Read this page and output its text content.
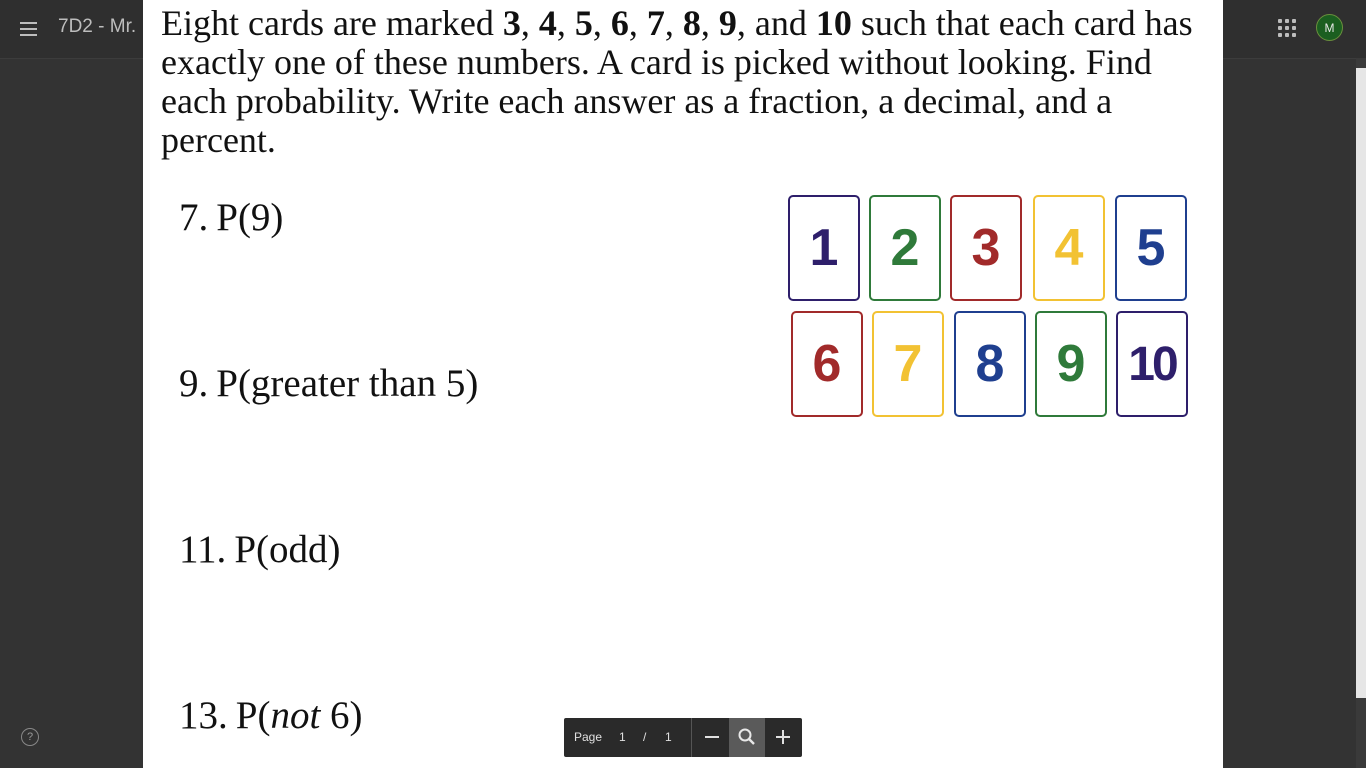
7D2 - Mr.	M
?

Eight cards are marked 3, 4, 5, 6, 7, 8, 9, and 10 such that each card has exactly one of these numbers. A card is picked without looking. Find each probability. Write each answer as a fraction, a decimal, and a percent.

7. P(9)
9. P(greater than 5)
11. P(odd)
13. P(not 6)
1	2	3	4	5
6	7	8	9 10
Page 1 / 1
